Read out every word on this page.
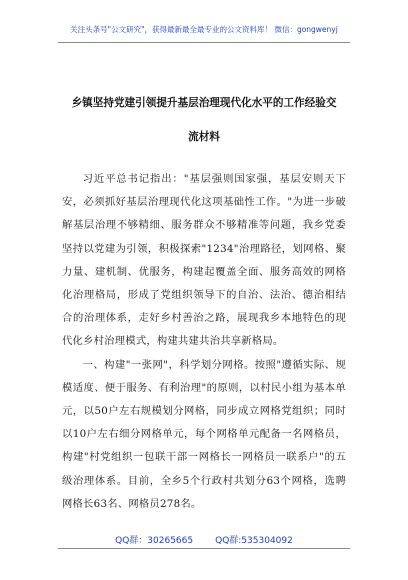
关注头条号"公文研究"，获得最新最全最专业的公文资料库！ 微信：gongwenyj
乡镇坚持党建引领提升基层治理现代化水平的工作经验交
流材料

习近平总书记指出："基层强则国家强，基层安则天下安，必须抓好基层治理现代化这项基础性工作。"为进一步破解基层治理不够精细、服务群众不够精准等问题，我乡党委坚持以党建为引领，积极探索"1234"治理路径，划网格、聚力量、建机制、优服务，构建起覆盖全面、服务高效的网格化治理格局，形成了党组织领导下的自治、法治、德治相结合的治理体系，走好乡村善治之路，展现我乡本地特色的现代化乡村治理模式，构建共建共治共享新格局。

一、构建"一张网"，科学划分网格。按照"遵循实际、规模适度、便于服务、有利治理"的原则，以村民小组为基本单元，以50户左右规模划分网格，同步成立网格党组织；同时以10户左右细分网格单元，每个网格单元配备一名网格员，构建"村党组织一包联干部一网格长一网格员一联系户"的五级治理体系。目前，全乡5个行政村共划分63个网格，选聘网格长63名、网格员278名。

QQ群：30265665 QQ群:535304092
